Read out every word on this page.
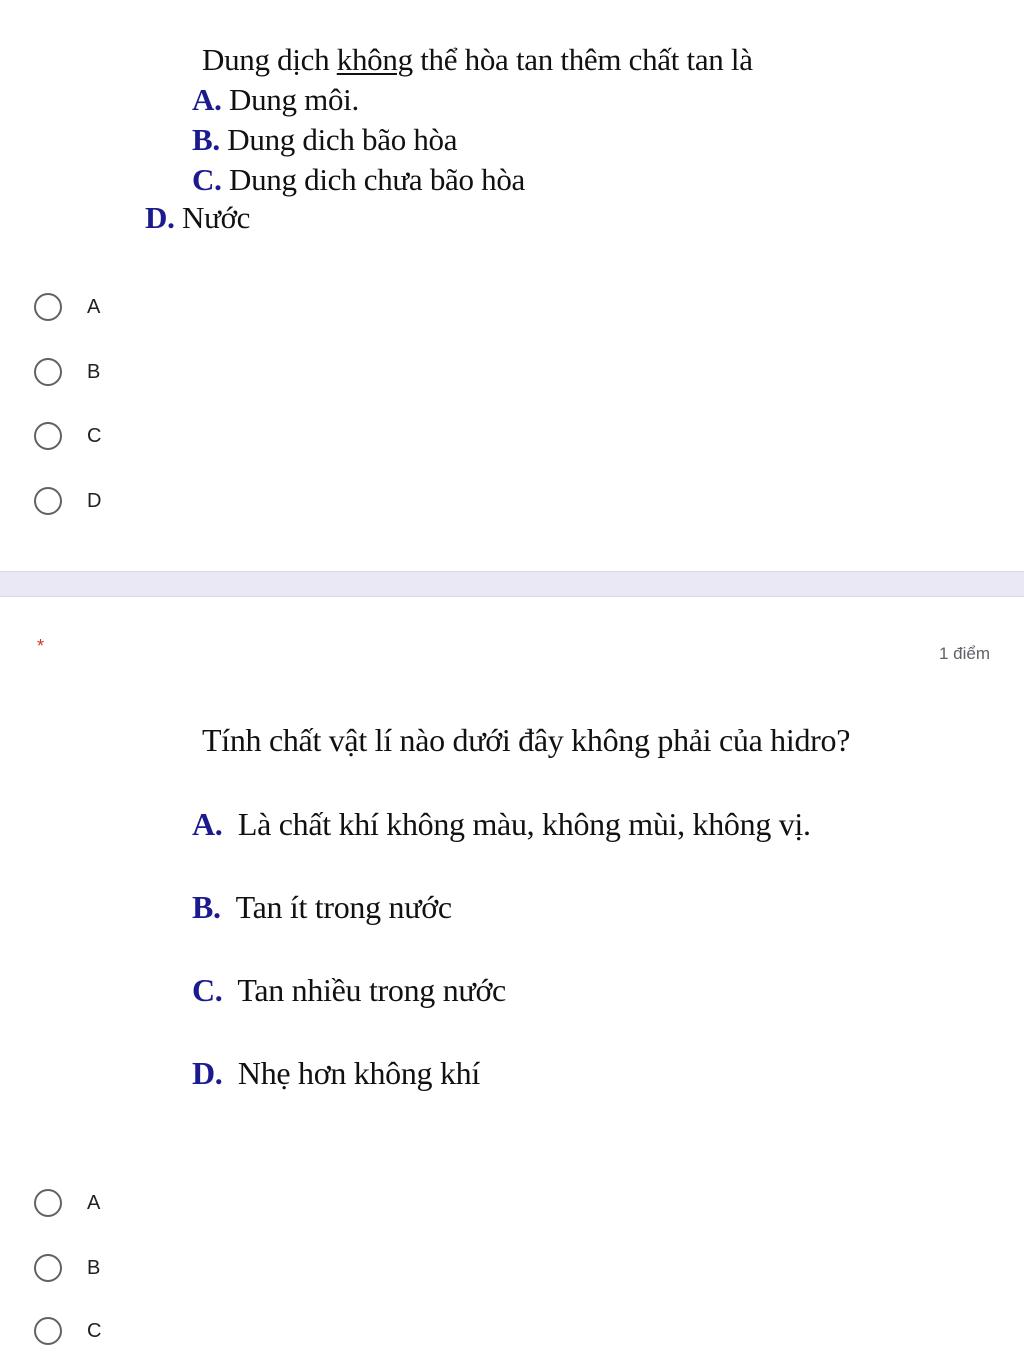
Dung dịch không thể hòa tan thêm chất tan là
A. Dung môi.
B. Dung dich bão hòa
C. Dung dich chưa bão hòa
D. Nước
A
B
C
D
*	1 điểm
Tính chất vật lí nào dưới đây không phải của hidro?
A.  Là chất khí không màu, không mùi, không vị.
B.  Tan ít trong nước
C.  Tan nhiều trong nước
D.  Nhẹ hơn không khí
A
B
C
